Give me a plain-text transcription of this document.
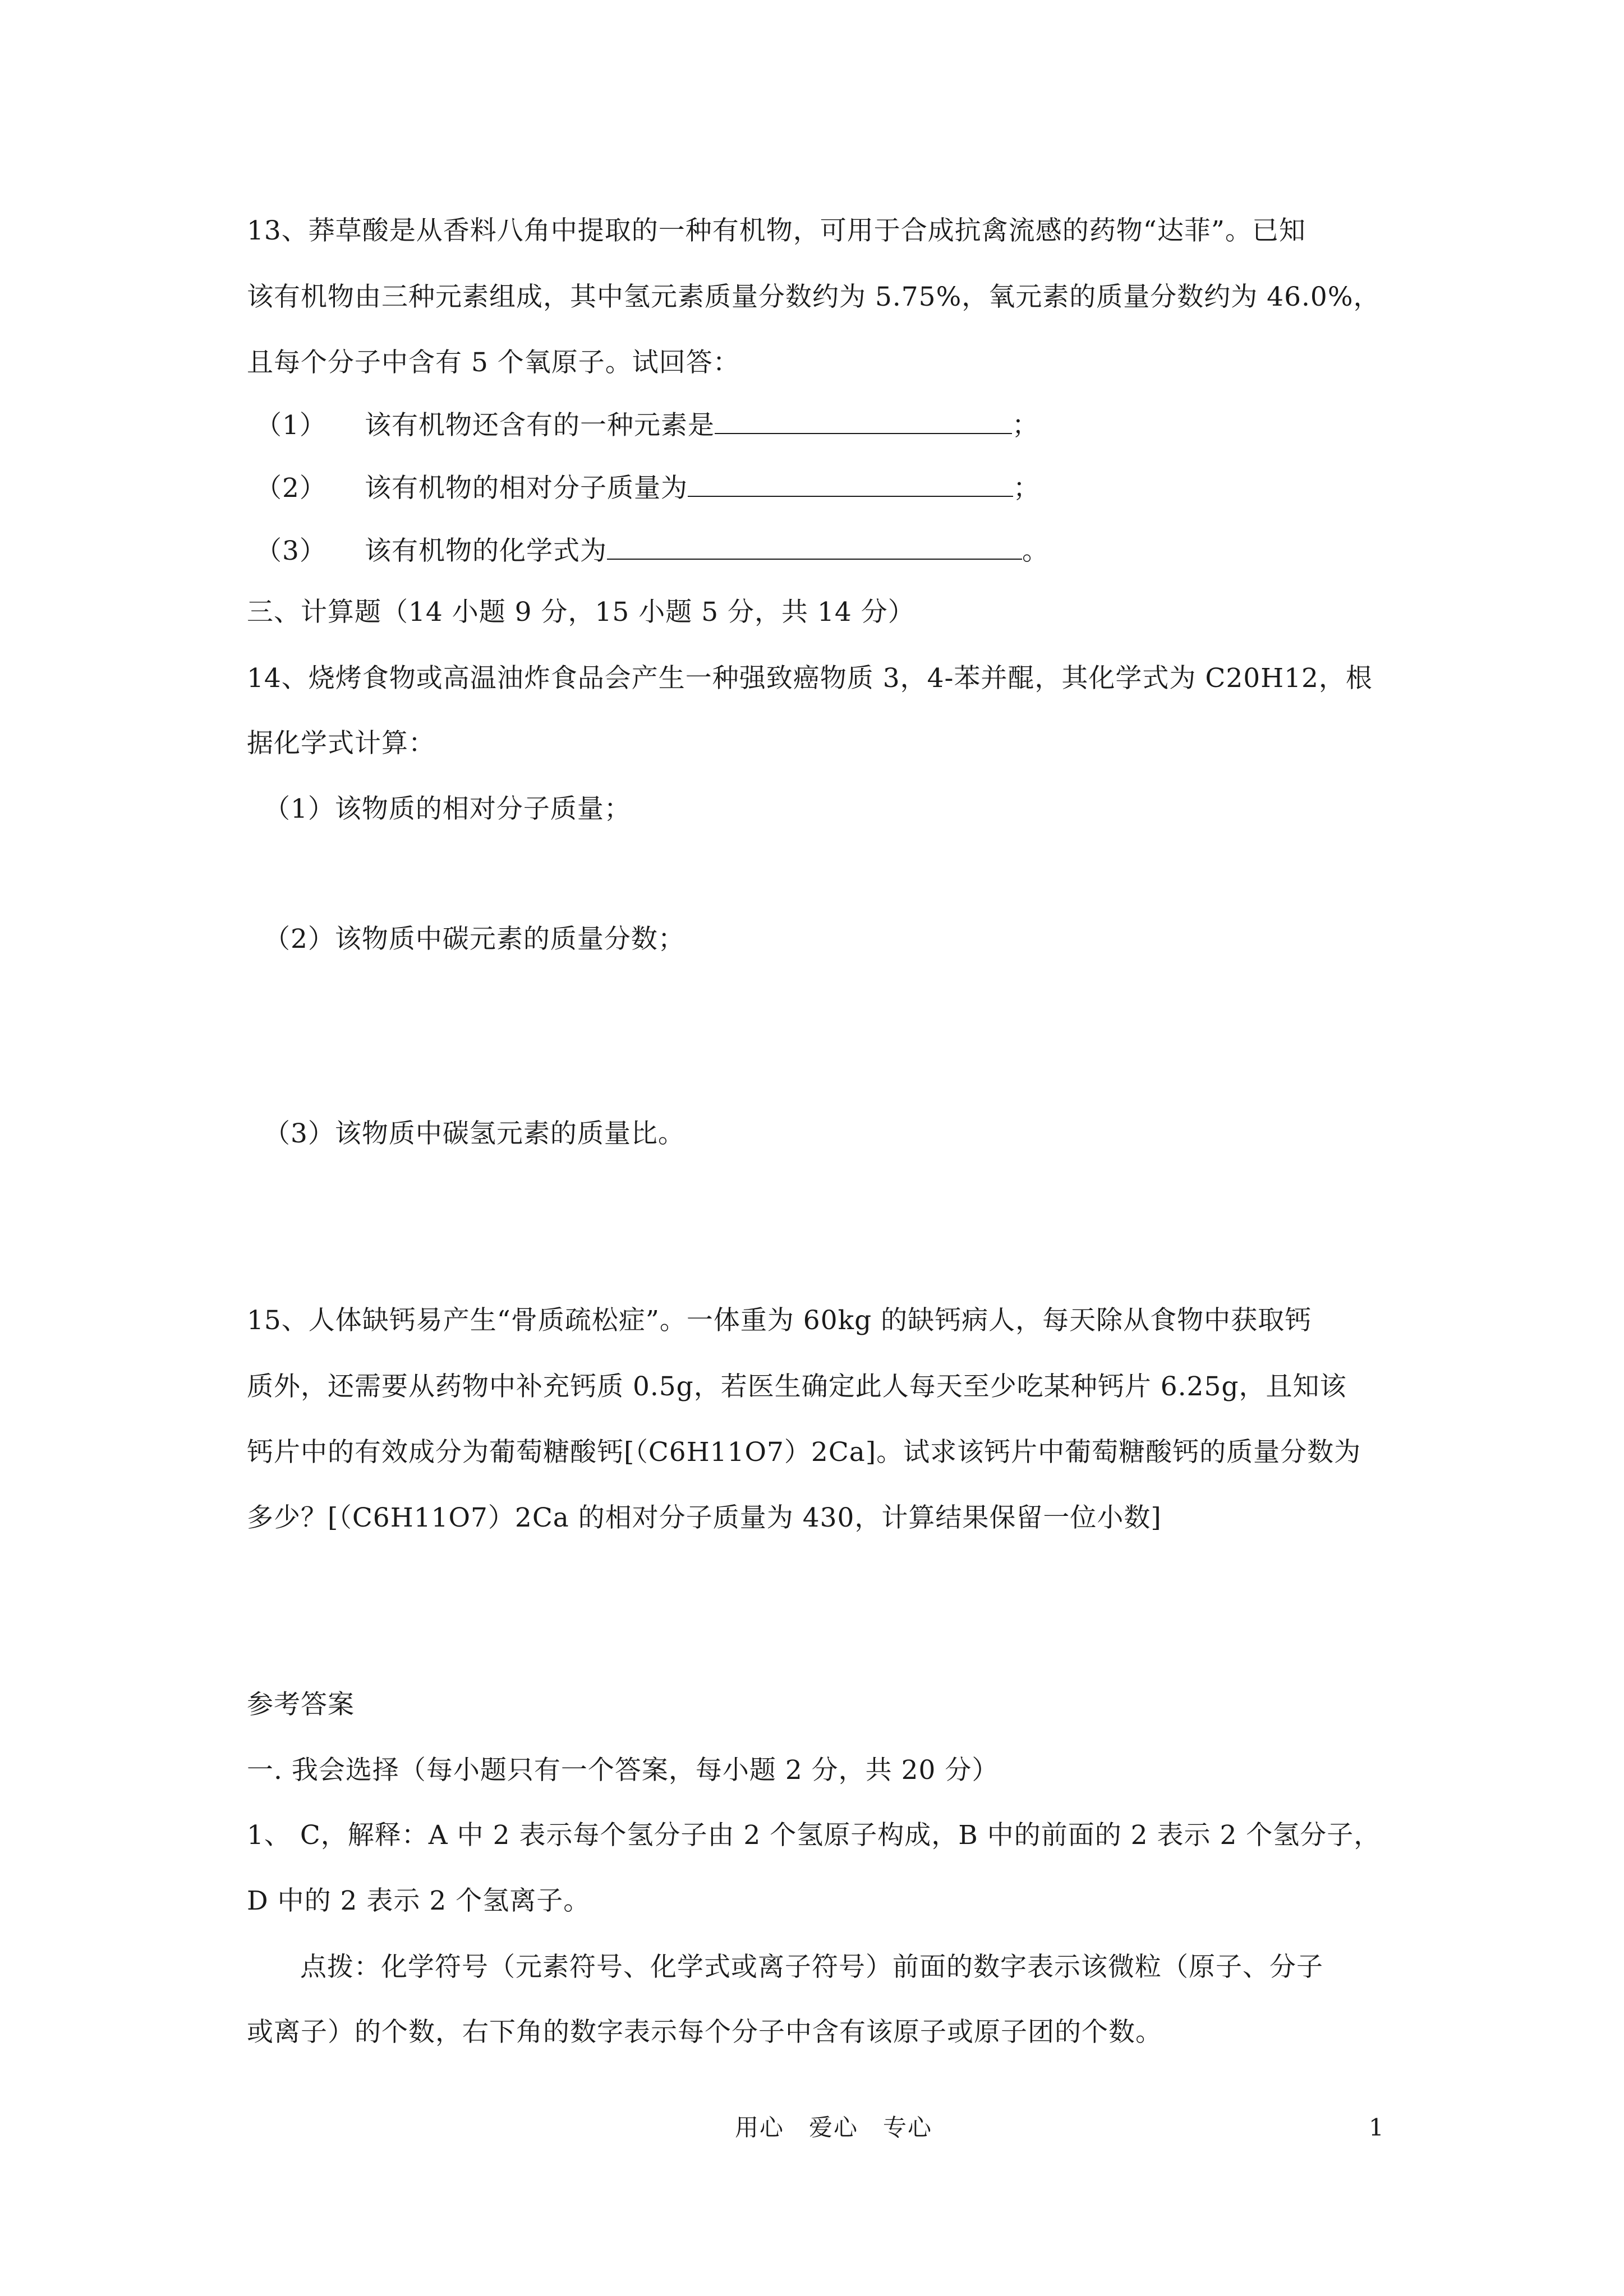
13、莽草酸是从香料八角中提取的一种有机物，可用于合成抗禽流感的药物“达菲”。已知
该有机物由三种元素组成，其中氢元素质量分数约为 5.75%，氧元素的质量分数约为 46.0%，
且每个分子中含有 5 个氧原子。试回答：
（1） 该有机物还含有的一种元素是	；
（2） 该有机物的相对分子质量为	；
（3） 该有机物的化学式为	。
三、计算题（14 小题 9 分，15 小题 5 分，共 14 分）
14、烧烤食物或高温油炸食品会产生一种强致癌物质 3，4-苯并醌，其化学式为 C20H12，根
据化学式计算：
（1）该物质的相对分子质量；
（2）该物质中碳元素的质量分数；
（3）该物质中碳氢元素的质量比。
15、人体缺钙易产生“骨质疏松症”。一体重为 60kg 的缺钙病人，每天除从食物中获取钙
质外，还需要从药物中补充钙质 0.5g，若医生确定此人每天至少吃某种钙片 6.25g，且知该
钙片中的有效成分为葡萄糖酸钙[（C6H11O7）2Ca]。试求该钙片中葡萄糖酸钙的质量分数为
多少？[（C6H11O7）2Ca 的相对分子质量为 430，计算结果保留一位小数]
参考答案
一. 我会选择（每小题只有一个答案，每小题 2 分，共 20 分）
1、 C，解释：A 中 2 表示每个氢分子由 2 个氢原子构成，B 中的前面的 2 表示 2 个氢分子，
D 中的 2 表示 2 个氢离子。
点拨：化学符号（元素符号、化学式或离子符号）前面的数字表示该微粒（原子、分子
或离子）的个数，右下角的数字表示每个分子中含有该原子或原子团的个数。
用心　爱心　专心	1
